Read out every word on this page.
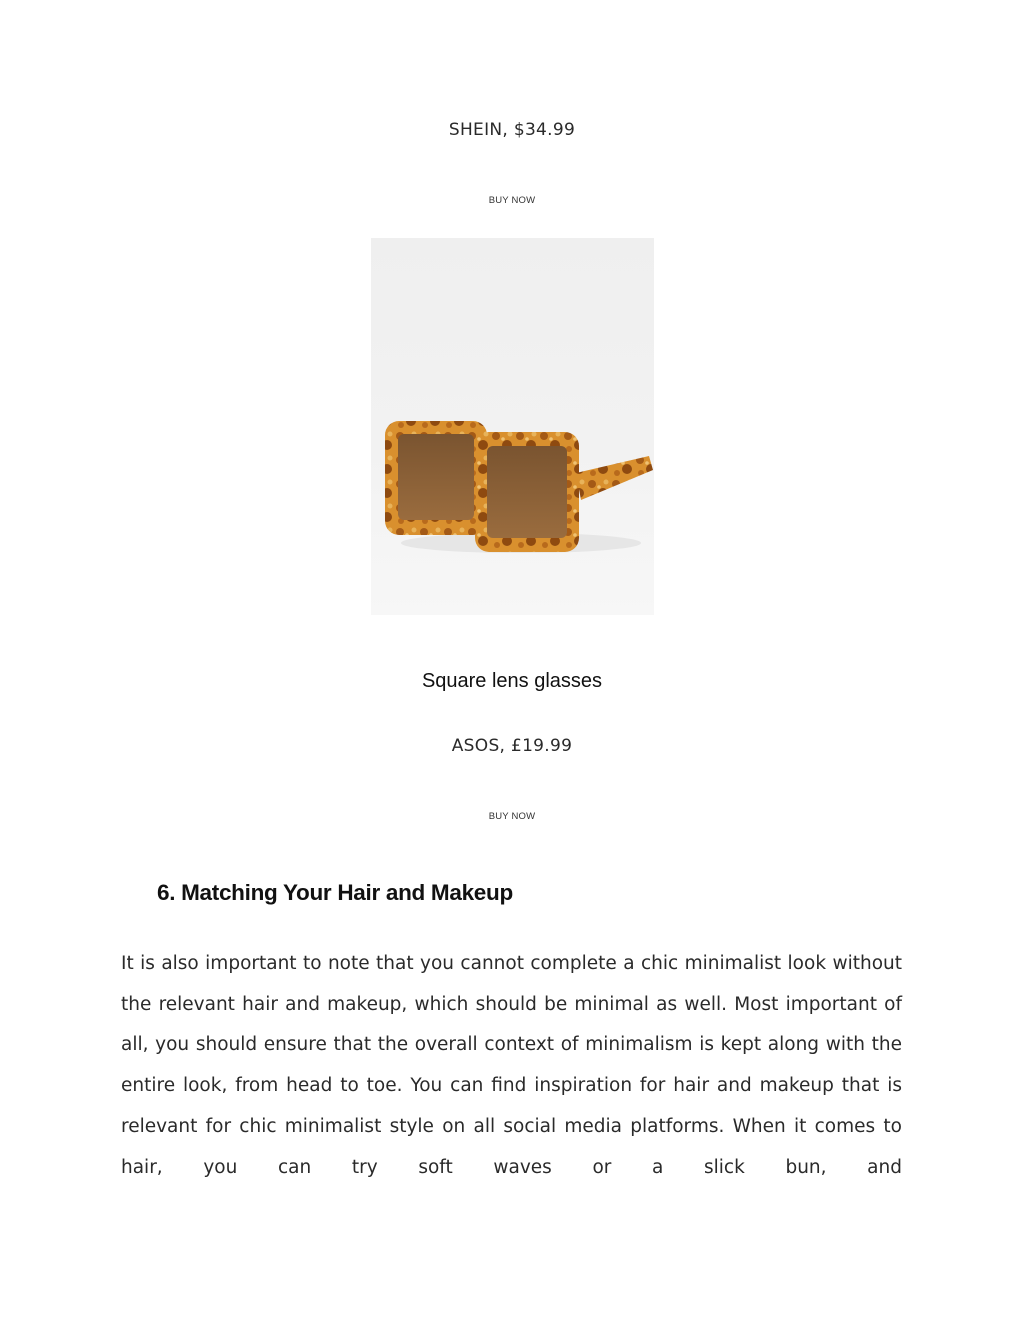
SHEIN, $34.99
BUY NOW
Square lens glasses
ASOS, £19.99
BUY NOW
6. Matching Your Hair and Makeup

It is also important to note that you cannot complete a chic minimalist look without the relevant hair and makeup, which should be minimal as well. Most important of all, you should ensure that the overall context of minimalism is kept along with the entire look, from head to toe. You can find inspiration for hair and makeup that is relevant for chic minimalist style on all social media platforms. When it comes to hair, you can try soft waves or a slick bun, and
